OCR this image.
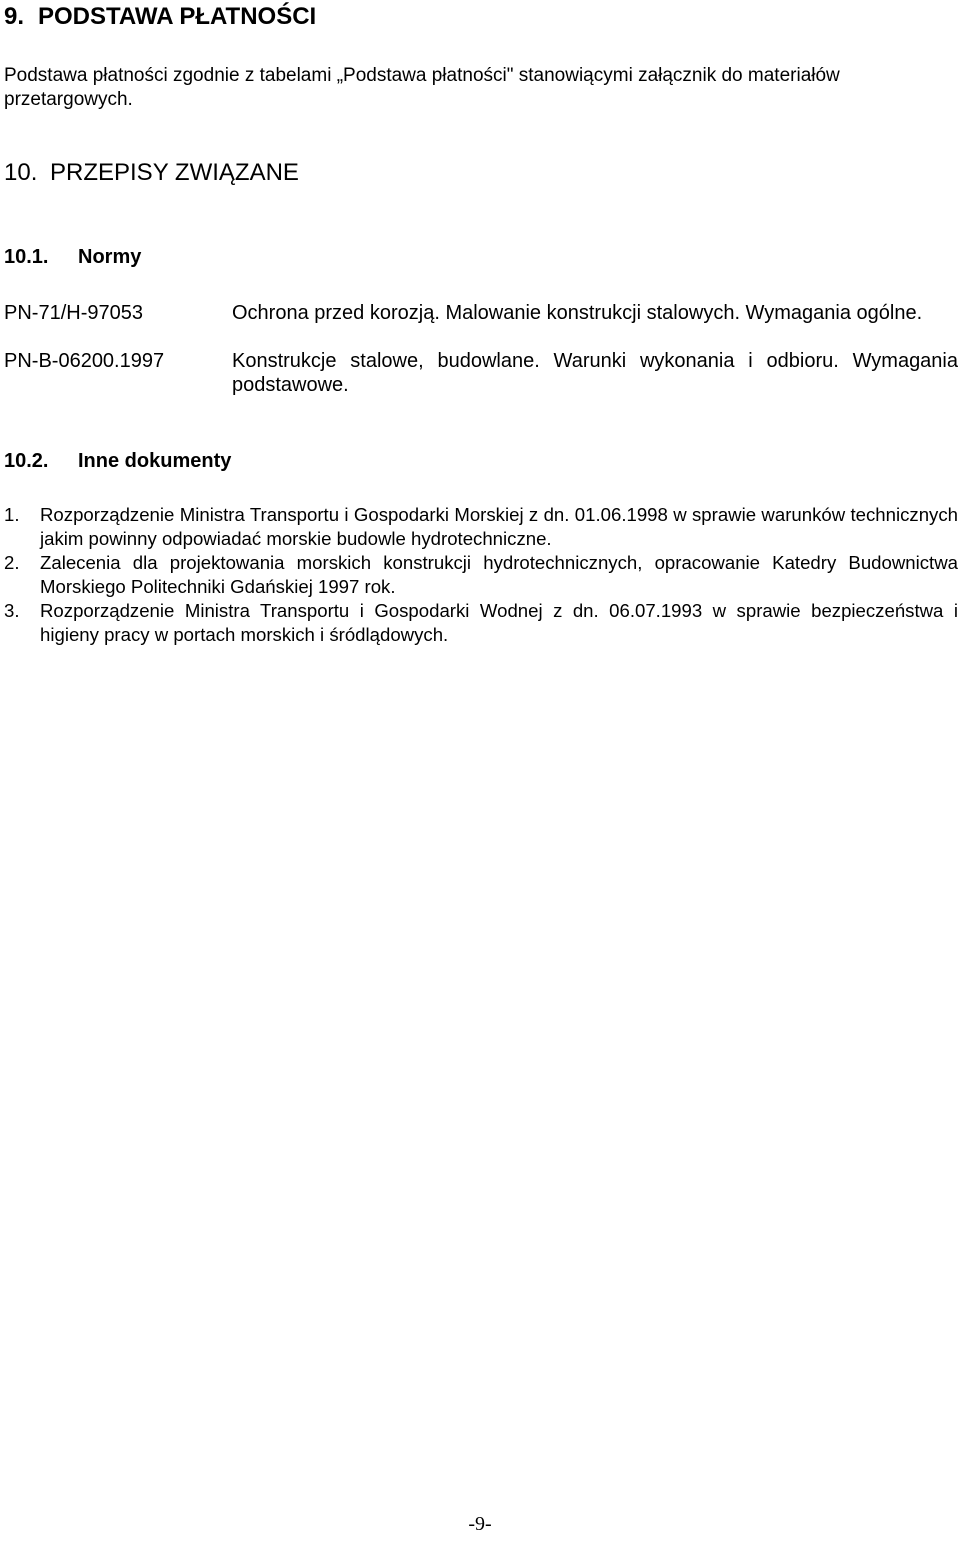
9. PODSTAWA PŁATNOŚCI
Podstawa płatności zgodnie z tabelami „Podstawa płatności" stanowiącymi załącznik do materiałów przetargowych.
10. PRZEPISY ZWIĄZANE
10.1. Normy
PN-71/H-97053	Ochrona przed korozją. Malowanie konstrukcji stalowych. Wymagania ogólne.
PN-B-06200.1997	Konstrukcje stalowe, budowlane. Warunki wykonania i odbioru. Wymagania podstawowe.
10.2. Inne dokumenty
1. Rozporządzenie Ministra Transportu i Gospodarki Morskiej z dn. 01.06.1998 w sprawie warunków technicznych jakim powinny odpowiadać morskie budowle hydrotechniczne.
2. Zalecenia dla projektowania morskich konstrukcji hydrotechnicznych, opracowanie Katedry Budownictwa Morskiego Politechniki Gdańskiej 1997 rok.
3. Rozporządzenie Ministra Transportu i Gospodarki Wodnej z dn. 06.07.1993 w sprawie bezpieczeństwa i higieny pracy w portach morskich i śródlądowych.
-9-
